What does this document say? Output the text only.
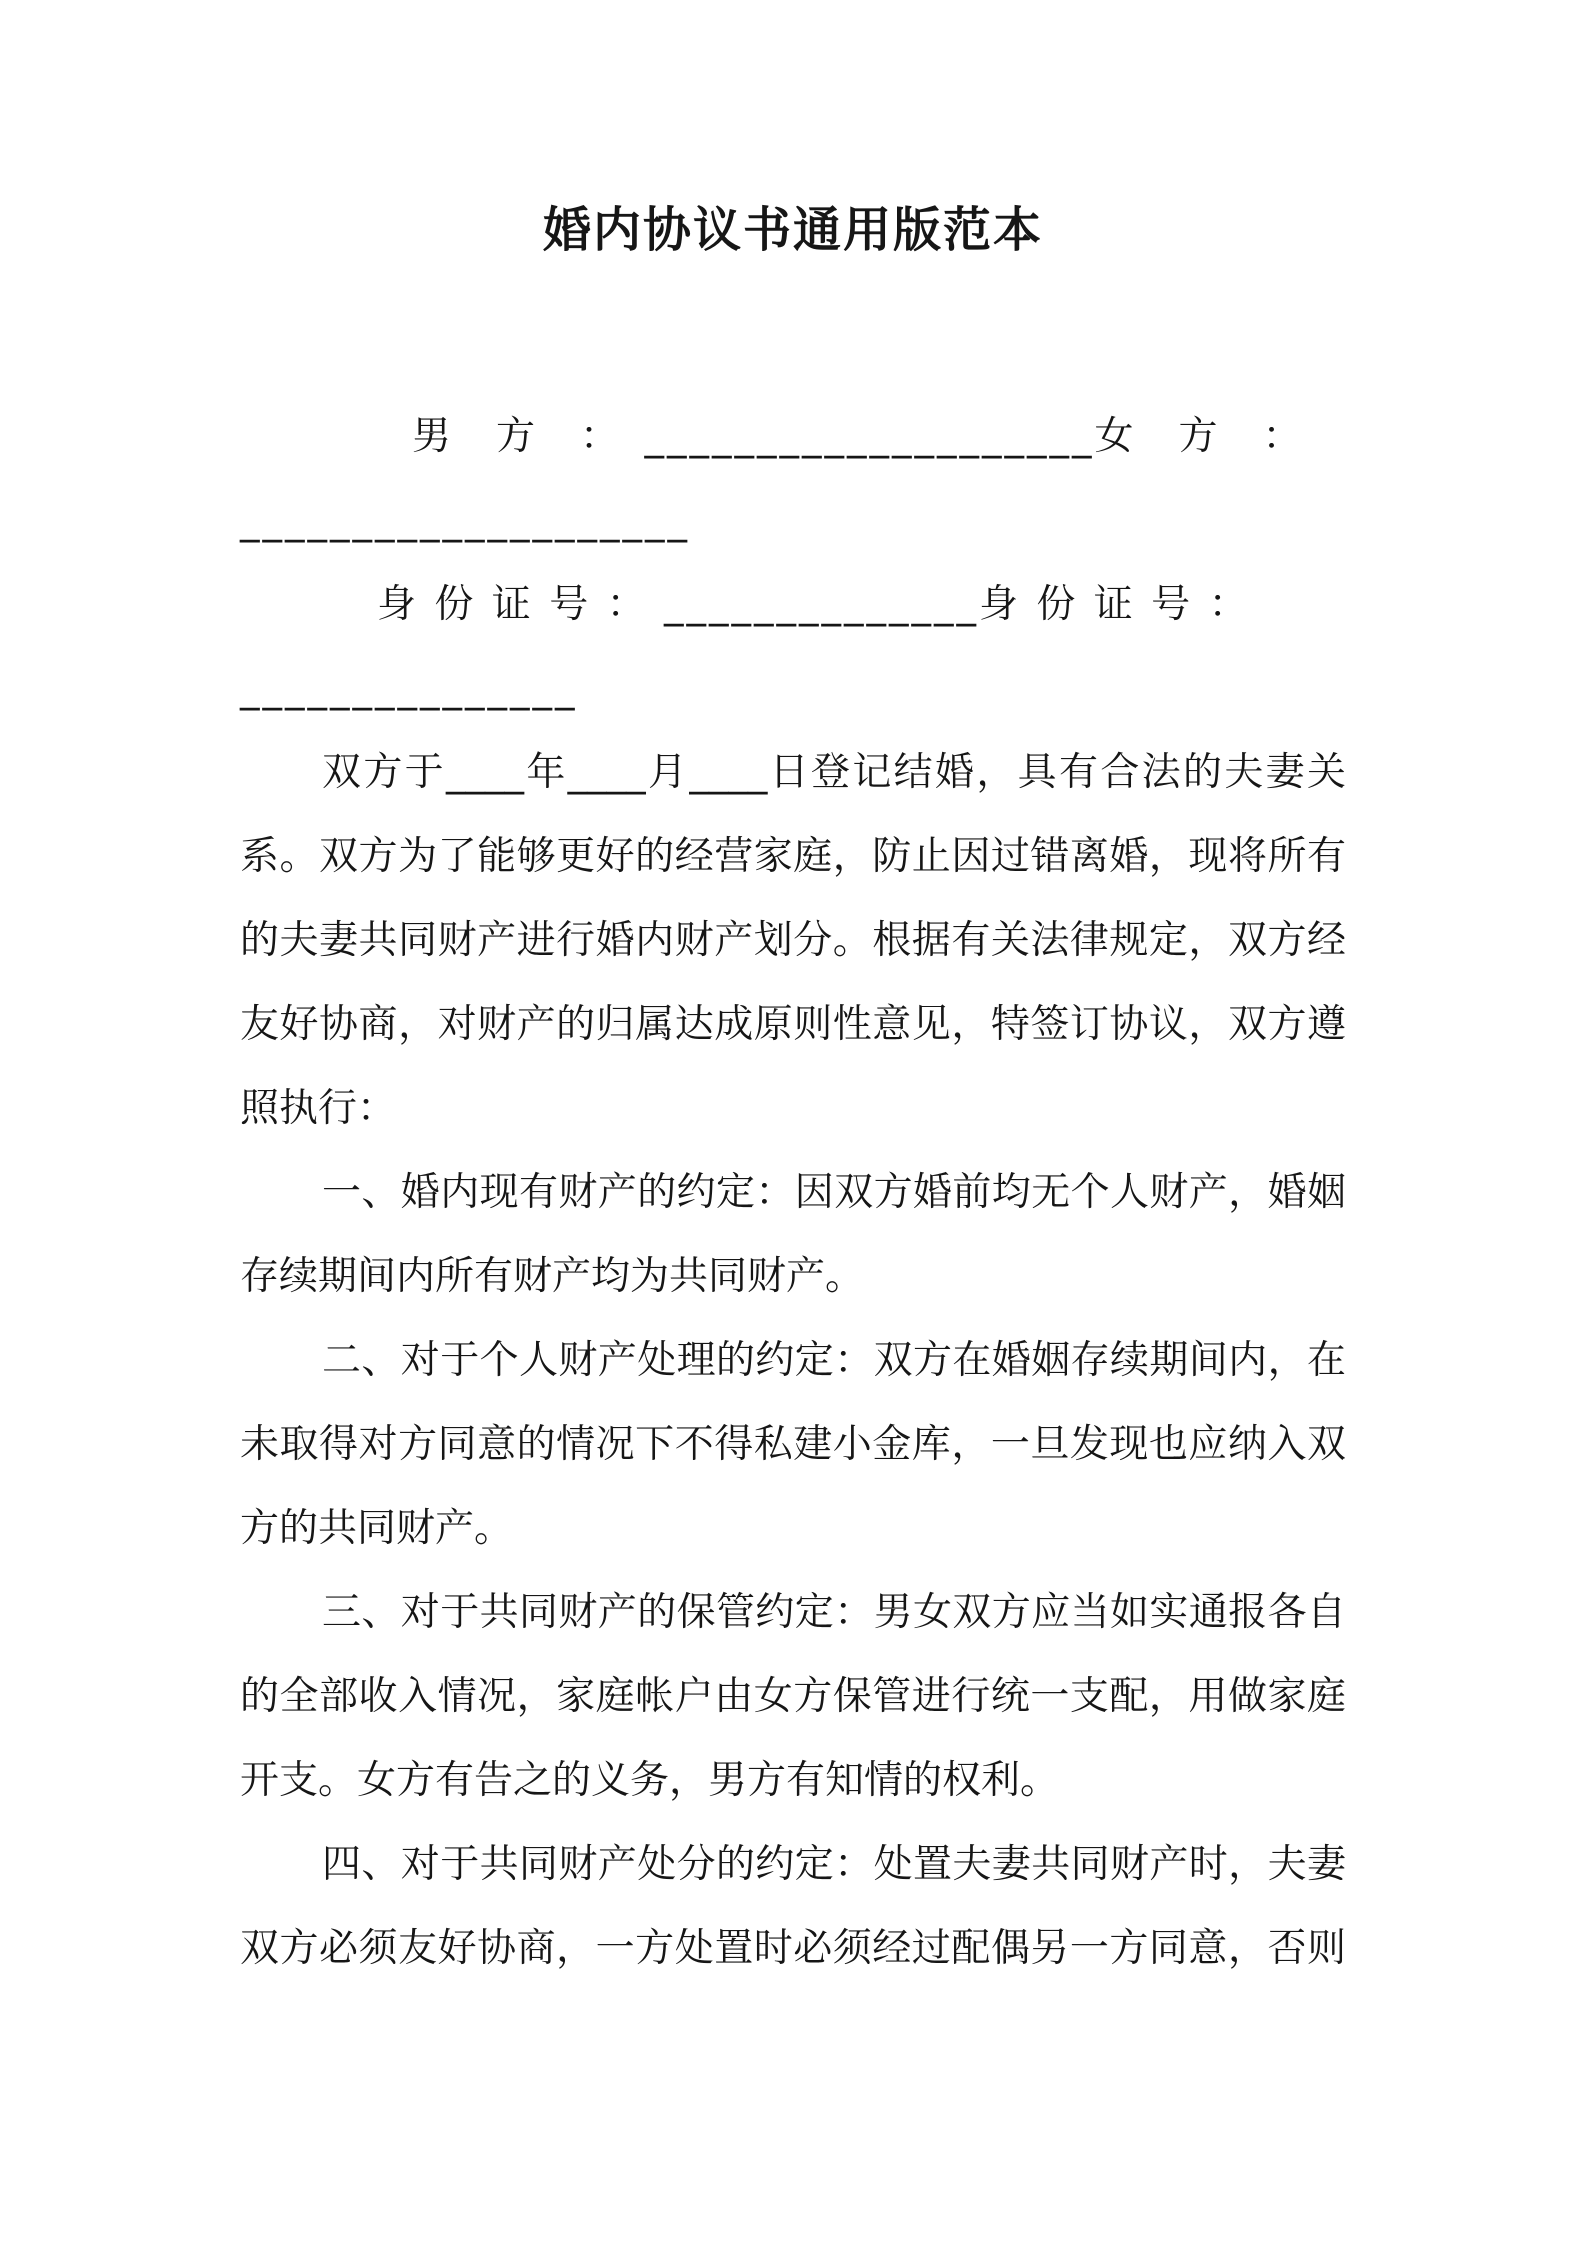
婚内协议书通用版范本
男　方　：　____________________女　方　：
____________________
身 份 证 号 ： ______________身 份 证 号 ：
_______________
双方于____年____月____日登记结婚，具有合法的夫妻关
系。双方为了能够更好的经营家庭，防止因过错离婚，现将所有
的夫妻共同财产进行婚内财产划分。根据有关法律规定，双方经
友好协商，对财产的归属达成原则性意见，特签订协议，双方遵
照执行：
一、婚内现有财产的约定：因双方婚前均无个人财产，婚姻
存续期间内所有财产均为共同财产。
二、对于个人财产处理的约定：双方在婚姻存续期间内，在
未取得对方同意的情况下不得私建小金库，一旦发现也应纳入双
方的共同财产。
三、对于共同财产的保管约定：男女双方应当如实通报各自
的全部收入情况，家庭帐户由女方保管进行统一支配，用做家庭
开支。女方有告之的义务，男方有知情的权利。
四、对于共同财产处分的约定：处置夫妻共同财产时，夫妻
双方必须友好协商，一方处置时必须经过配偶另一方同意，否则
